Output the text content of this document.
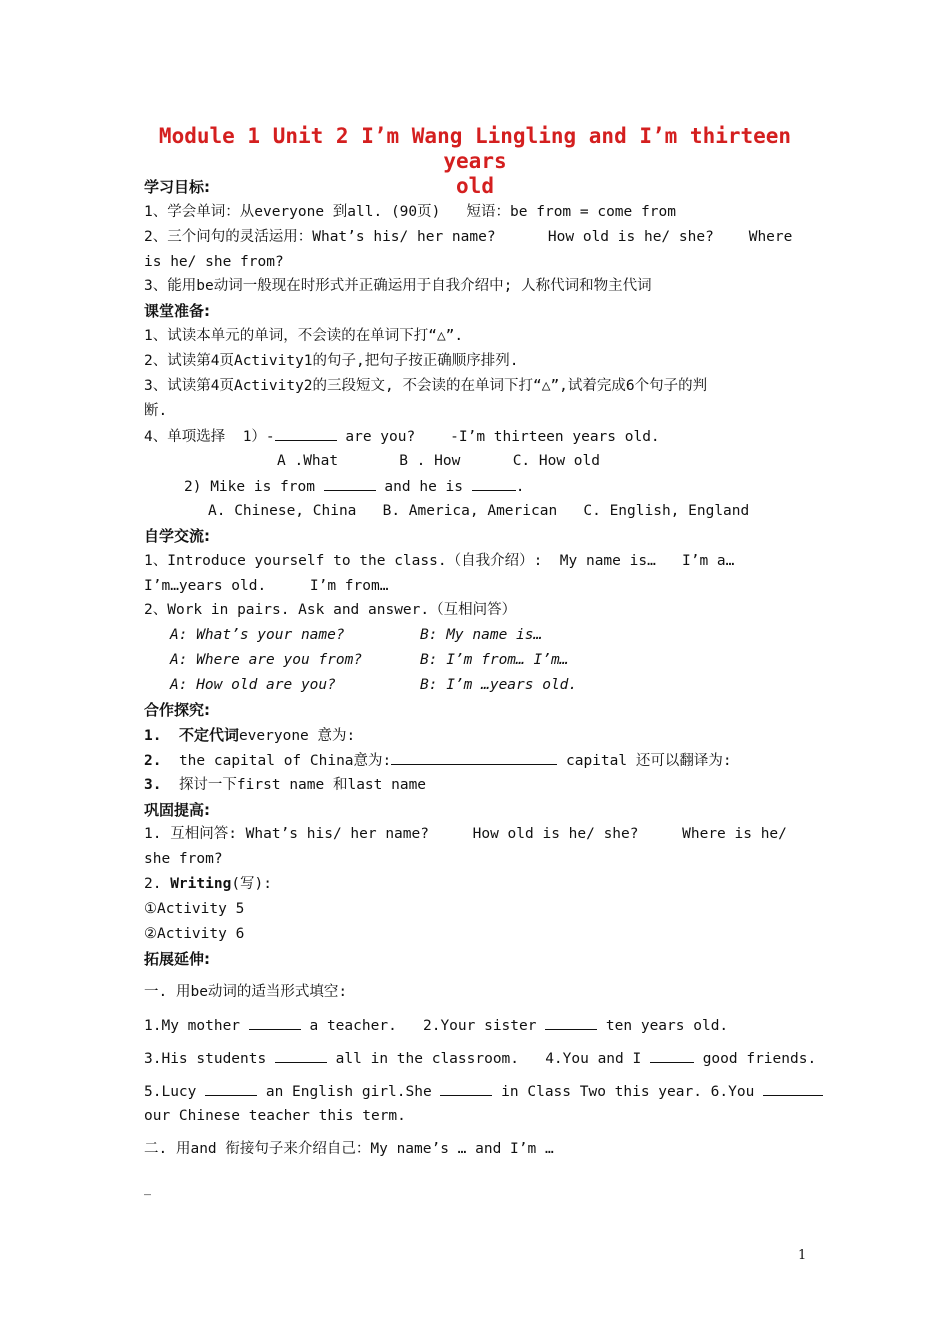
Module 1 Unit 2 I’m Wang Lingling and I’m thirteen years
old
学习目标:
1、学会单词：从everyone 到all. (90页)   短语：be from = come from
2、三个问句的灵活运用：What’s his/ her name?      How old is he/ she?    Where
is he/ she from?
3、能用be动词一般现在时形式并正确运用于自我介绍中; 人称代词和物主代词
课堂准备:
1、试读本单元的单词，不会读的在单词下打“△”.
2、试读第4页Activity1的句子,把句子按正确顺序排列.
3、试读第4页Activity2的三段短文, 不会读的在单词下打“△”,试着完成6个句子的判
断.
4、单项选择  1）-	are you?    -I’m thirteen years old.
A .What       B . How      C. How old
2) Mike is from	and he is	.
A. Chinese, China   B. America, American   C. English, England
自学交流:
1、Introduce yourself to the class.（自我介绍）:  My name is…   I’m a…
I’m…years old.     I’m from…
2、Work in pairs. Ask and answer.（互相问答）
A: What’s your name?	B: My name is…
A: Where are you from?	B: I’m from… I’m…
A: How old are you?	B: I’m …years old.
合作探究:
1. 不定代词everyone 意为:
2. the capital of China意为:	capital 还可以翻译为:
3. 探讨一下first name 和last name
巩固提高:
1. 互相问答: What’s his/ her name?     How old is he/ she?     Where is he/
she from?
2. Writing(写):
①Activity 5
②Activity 6
拓展延伸:
一. 用be动词的适当形式填空:
1.My mother	a teacher.   2.Your sister	ten years old.
3.His students	all in the classroom.   4.You and I	good friends.
5.Lucy	an English girl.She	in Class Two this year. 6.You
our Chinese teacher this term.
二. 用and 衔接句子来介绍自己：My name’s … and I’m …
_
1
